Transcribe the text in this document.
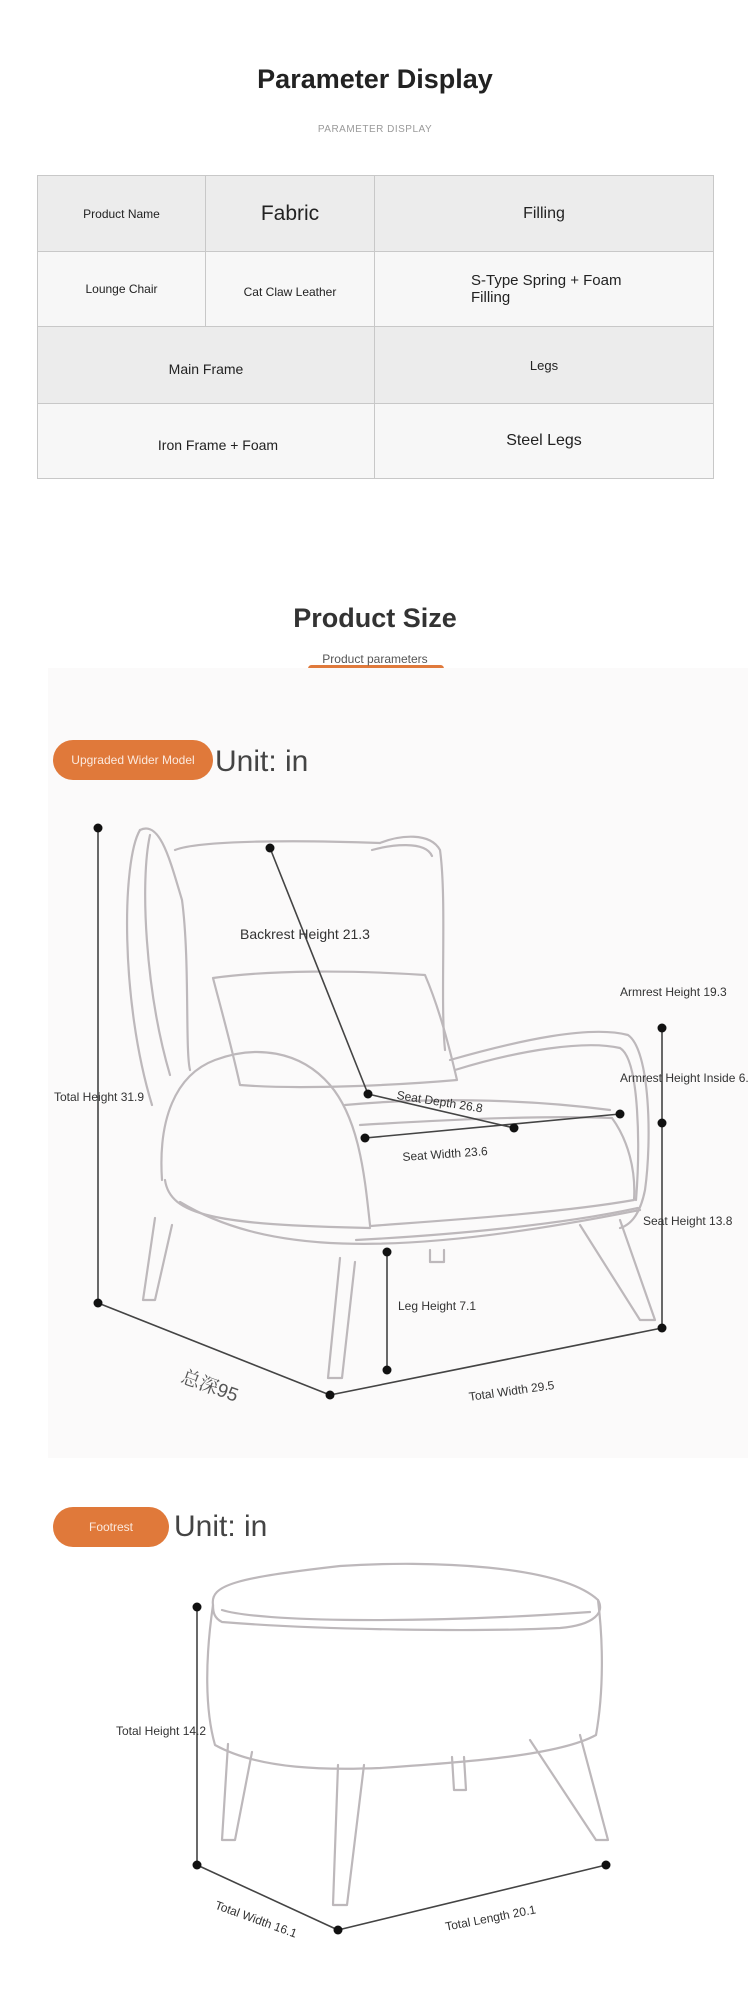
Parameter Display
PARAMETER DISPLAY
Product Name	Fabric	Filling
Lounge Chair	Cat Claw Leather	S-Type Spring + Foam Filling
Main Frame		Legs
Iron Frame + Foam		Steel Legs
Product Size
Product parameters
Upgraded Wider Model Unit: in
Backrest Height 21.3
Armrest Height 19.3
Armrest Height Inside 6.
Total Height 31.9	Seat Depth 26.8
Seat Width 23.6
Seat Height 13.8
Leg Height 7.1
总深95	Total Width 29.5
Footrest	Unit: in
Total Height 14.2
Total Width 16.1	Total Length 20.1
